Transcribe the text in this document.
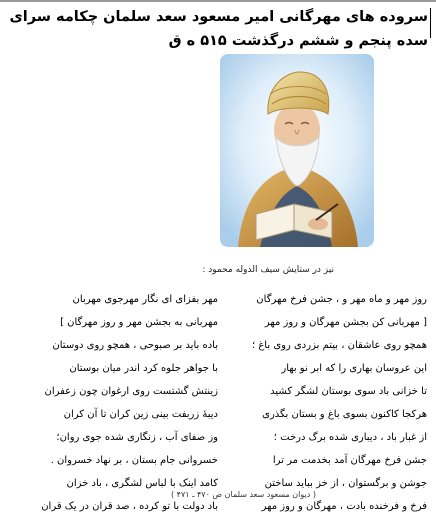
سروده های مهرگانی امیر مسعود سعد سلمان چکامه سرای سده پنجم و ششم درگذشت ۵۱۵ ه ق
نیز در ستایش سیف الدوله محمود :
روز مهر و ماه مهر و ، جشن فرخ مهرگان
[ مهربانی کن بجشن مهرگان و روز مهر
همچو روی عاشقان ، بیتم بزردی روی باغ ؛
این عروسان بهاری را که ابر نو بهار
تا خزانی باد سوی بوستان لشگر کشید
هرکجا کاکنون بسوی باغ و بستان بگذری
از غبار باد ، دیباری شده برگ درخت ؛
جشن فرخ مهرگان آمد بخدمت مر ترا
جوشن و برگستوان ، از خز بباید ساختن
فرخ و فرخنده بادت ، مهرگان و روز مهر
مهر بفزای ای نگار مهرجوی مهربان
مهربانی به بجشن مهر و روز مهرگان ]
باده باید بر صبوحی ، همچو روی دوستان
با جواهر جلوه کرد اندر میان بوستان
زینتش گشتست روی ارغوان چون زعفران
دیبهٔ زربفت بینی زین کران تا آن کران
وز صفای آب ، زنگاری شده جوی روان؛
خسروانی جام بستان ، بر نهاد خسروان .
کامد اینک با لباس لشگری ، باد خزان
باد دولت با تو کرده ، صد قران در یک قران
( دیوان مسعود سعد سلمان ص ۴۷۰ ـ ۴۷۱ )
